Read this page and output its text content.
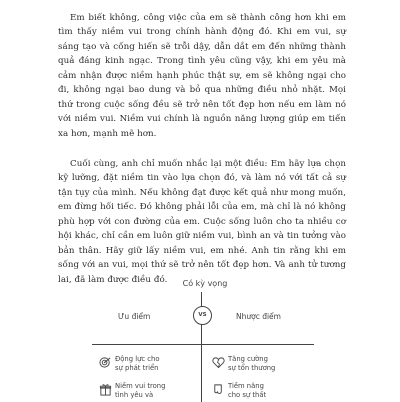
Em biết không, công việc của em sẽ thành công hơn khi em tìm thấy niềm vui trong chính hành động đó. Khi em vui, sự sáng tạo và cống hiến sẽ trỗi dậy, dẫn dắt em đến những thành quả đáng kinh ngạc. Trong tình yêu cũng vậy, khi em yêu mà cảm nhận được niềm hạnh phúc thật sự, em sẽ không ngại cho đi, không ngại bao dung và bỏ qua những điều nhỏ nhặt. Mọi thứ trong cuộc sống đều sẽ trở nên tốt đẹp hơn nếu em làm nó với niềm vui. Niềm vui chính là nguồn năng lượng giúp em tiến xa hơn, mạnh mẽ hơn.

Cuối cùng, anh chỉ muốn nhắc lại một điều: Em hãy lựa chọn kỹ lưỡng, đặt niềm tin vào lựa chọn đó, và làm nó với tất cả sự tận tụy của mình. Nếu không đạt được kết quả như mong muốn, em đừng hối tiếc. Đó không phải lỗi của em, mà chỉ là nó không phù hợp với con đường của em. Cuộc sống luôn cho ta nhiều cơ hội khác, chỉ cần em luôn giữ niềm vui, bình an và tin tưởng vào bản thân. Hãy giữ lấy niềm vui, em nhé. Anh tin rằng khi em sống với an vui, mọi thứ sẽ trở nên tốt đẹp hơn. Và anh tử tương lai, đã làm được điều đó.	Có kỳ vọng
VS
Ưu điểm	Nhược điểm
Động lực cho
sự phát triển
Niềm vui trong
tình yêu và
Tăng cường
sự tổn thương
Tiềm năng
cho sự thất
